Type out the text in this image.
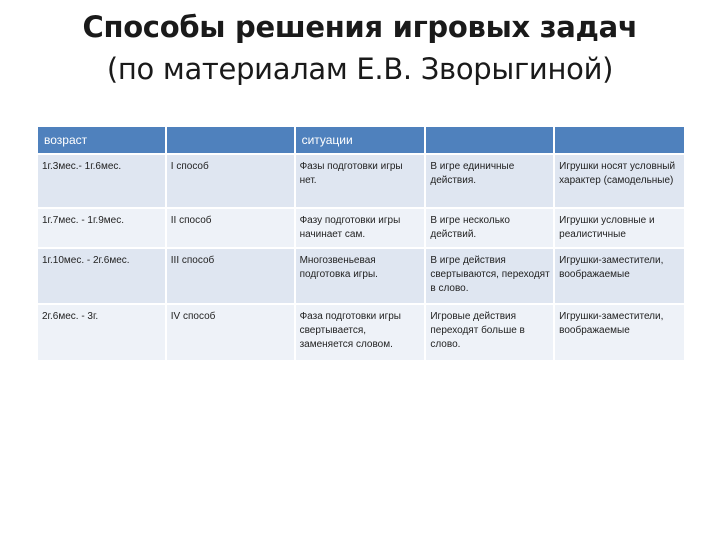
Способы решения игровых задач
(по материалам Е.В. Зворыгиной)
возраст		ситуации		
1г.3мес.- 1г.6мес.	I способ	Фазы подготовки игры нет.	В игре единичные действия.	Игрушки носят условный характер (самодельные)
1г.7мес. - 1г.9мес.	II способ	Фазу подготовки игры начинает сам.	В игре несколько действий.	Игрушки условные и реалистичные
1г.10мес. - 2г.6мес.	III способ	Многозвеньевая подготовка игры.	В игре действия свертываются, переходят в слово.	Игрушки-заместители, воображаемые
2г.6мес. - 3г.	IV способ	Фаза подготовки игры свертывается, заменяется словом.	Игровые действия переходят больше в слово.	Игрушки-заместители, воображаемые
